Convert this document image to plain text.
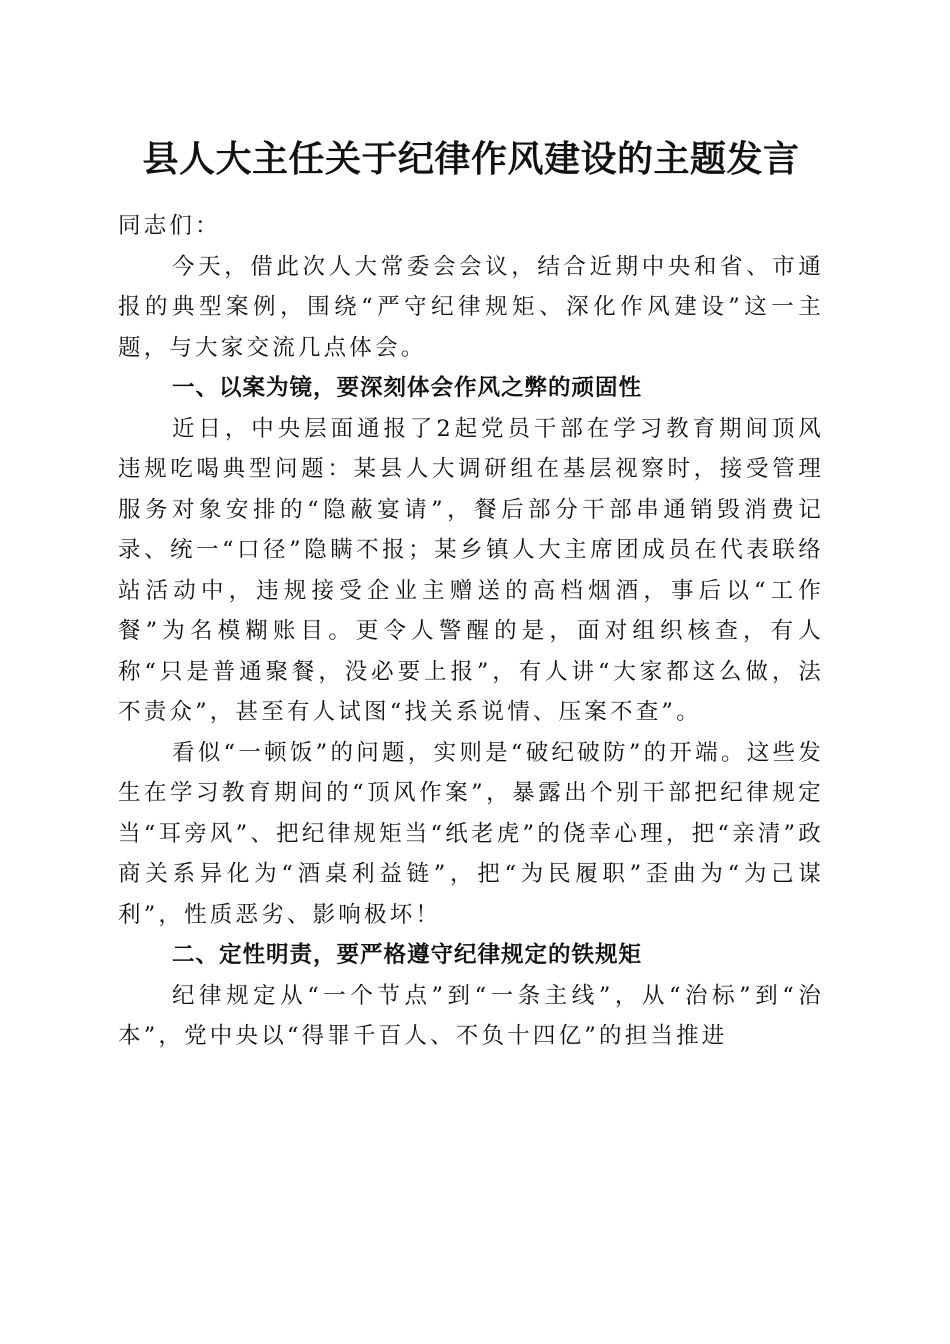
县人大主任关于纪律作风建设的主题发言

同志们：

今天，借此次人大常委会会议，结合近期中央和省、市通报的典型案例，围绕“严守纪律规矩、深化作风建设”这一主题，与大家交流几点体会。

一、以案为镜，要深刻体会作风之弊的顽固性

近日，中央层面通报了2起党员干部在学习教育期间顶风违规吃喝典型问题：某县人大调研组在基层视察时，接受管理服务对象安排的“隐蔽宴请”，餐后部分干部串通销毁消费记录、统一“口径”隐瞒不报；某乡镇人大主席团成员在代表联络站活动中，违规接受企业主赠送的高档烟酒，事后以“工作餐”为名模糊账目。更令人警醒的是，面对组织核查，有人称“只是普通聚餐，没必要上报”，有人讲“大家都这么做，法不责众”，甚至有人试图“找关系说情、压案不查”。

看似“一顿饭”的问题，实则是“破纪破防”的开端。这些发生在学习教育期间的“顶风作案”，暴露出个别干部把纪律规定当“耳旁风”、把纪律规矩当“纸老虎”的侥幸心理，把“亲清”政商关系异化为“酒桌利益链”，把“为民履职”歪曲为“为己谋利”，性质恶劣、影响极坏！

二、定性明责，要严格遵守纪律规定的铁规矩

纪律规定从“一个节点”到“一条主线”，从“治标”到“治本”，党中央以“得罪千百人、不负十四亿”的担当推进
